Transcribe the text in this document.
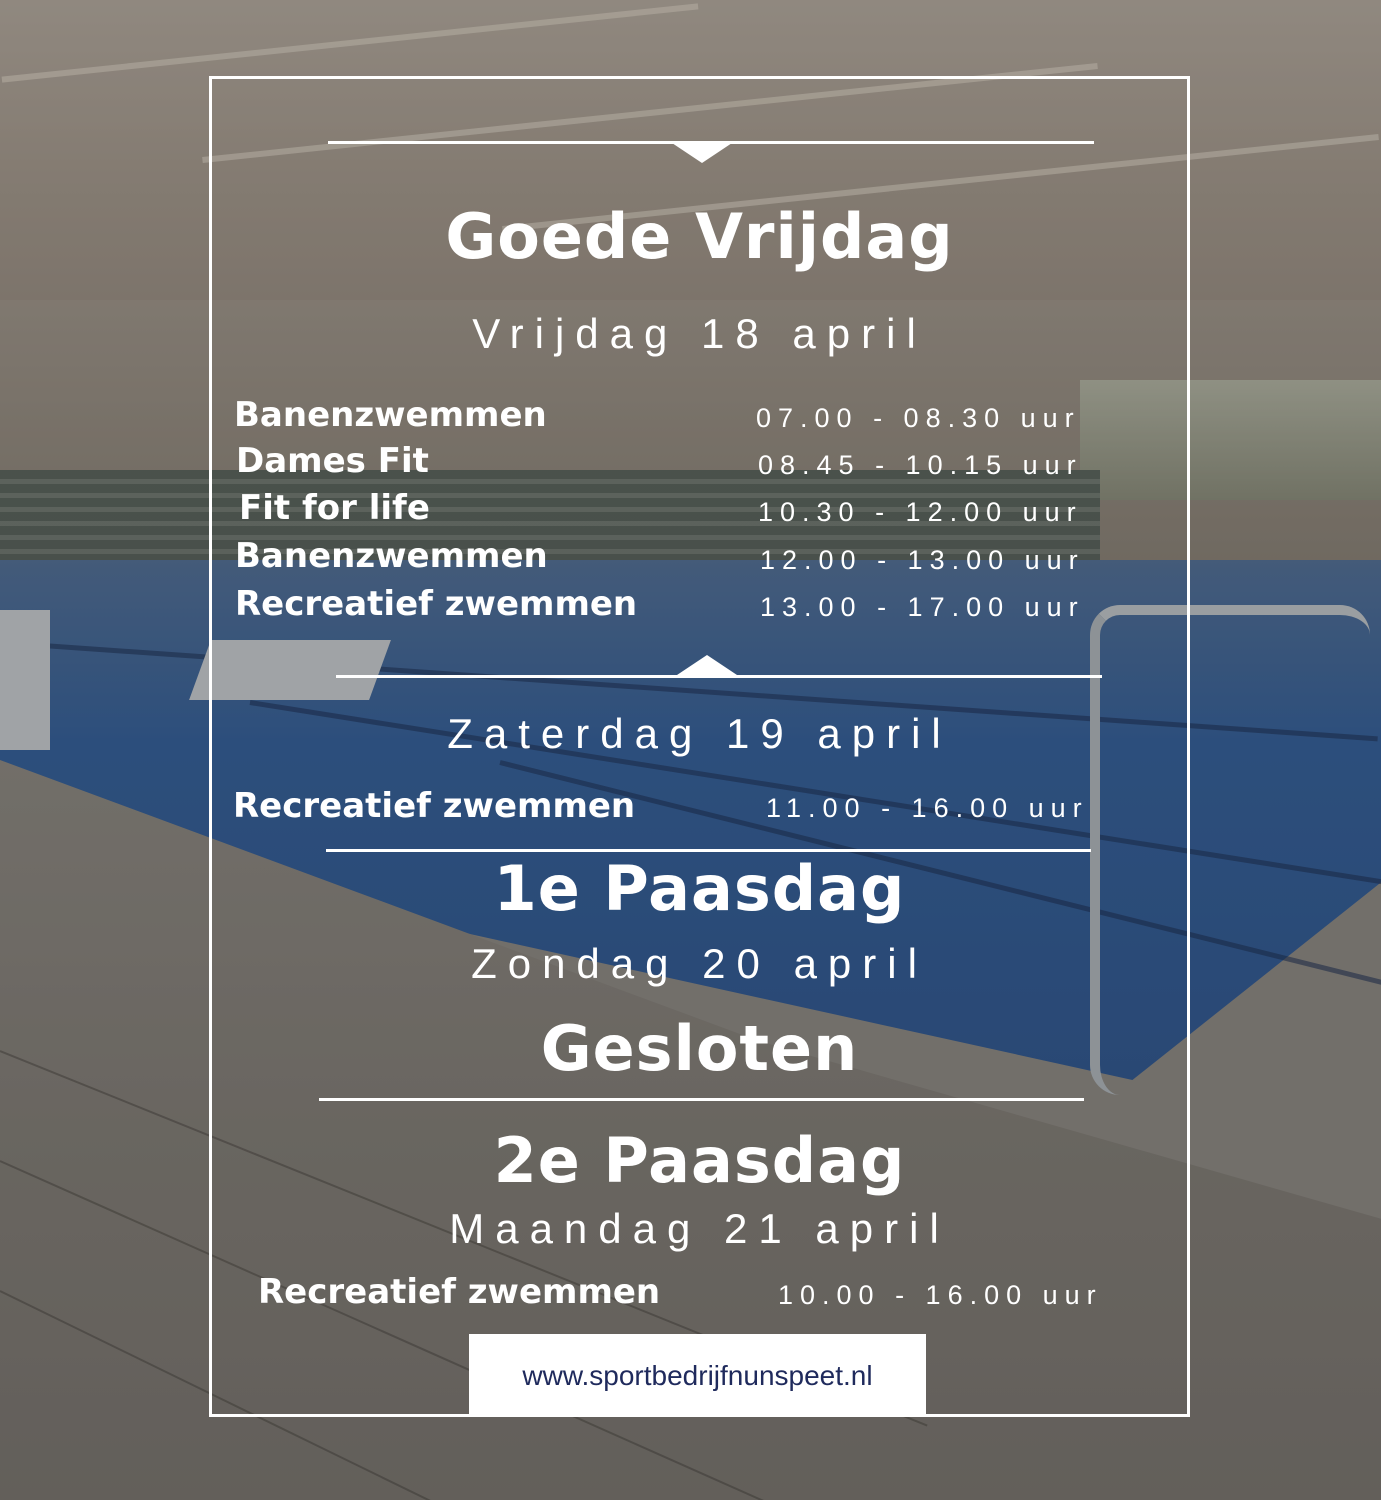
Goede Vrijdag
Vrijdag 18 april
Banenzwemmen	07.00 - 08.30 uur
Dames Fit	08.45 - 10.15 uur
Fit for life	10.30 - 12.00 uur
Banenzwemmen	12.00 - 13.00 uur
Recreatief zwemmen	13.00 - 17.00 uur
Zaterdag 19 april
Recreatief zwemmen	11.00 - 16.00 uur
1e Paasdag
Zondag 20 april
Gesloten
2e Paasdag
Maandag 21 april
Recreatief zwemmen	10.00 - 16.00 uur
www.sportbedrijfnunspeet.nl
